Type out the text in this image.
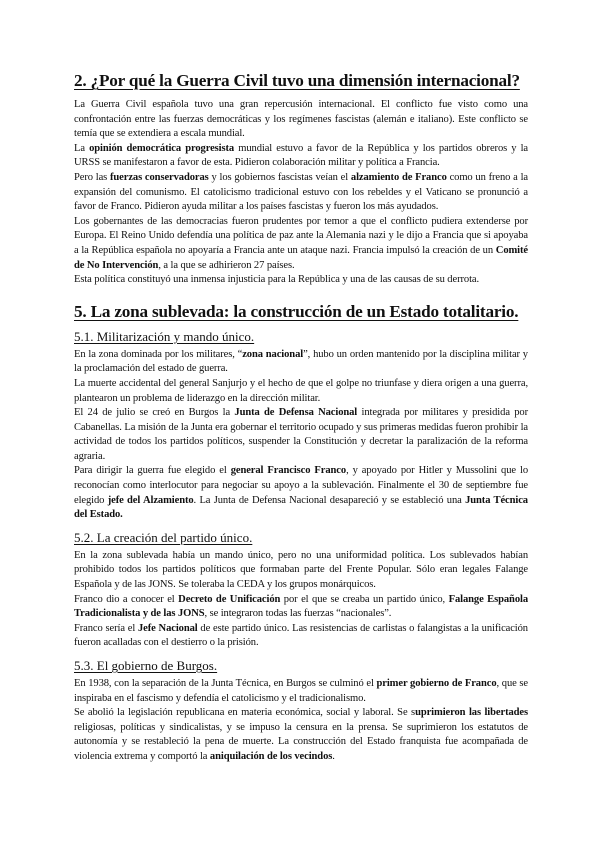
2. ¿Por qué la Guerra Civil tuvo una dimensión internacional?

La Guerra Civil española tuvo una gran repercusión internacional. El conflicto fue visto como una confrontación entre las fuerzas democráticas y los regímenes fascistas (alemán e italiano). Este conflicto se temía que se extendiera a escala mundial.

La opinión democrática progresista mundial estuvo a favor de la República y los partidos obreros y la URSS se manifestaron a favor de esta. Pidieron colaboración militar y política a Francia.

Pero las fuerzas conservadoras y los gobiernos fascistas veían el alzamiento de Franco como un freno a la expansión del comunismo. El catolicismo tradicional estuvo con los rebeldes y el Vaticano se pronunció a favor de Franco. Pidieron ayuda militar a los países fascistas y fueron los más ayudados.

Los gobernantes de las democracias fueron prudentes por temor a que el conflicto pudiera extenderse por Europa. El Reino Unido defendía una política de paz ante la Alemania nazi y le dijo a Francia que si apoyaba a la República española no apoyaría a Francia ante un ataque nazi. Francia impulsó la creación de un Comité de No Intervención, a la que se adhirieron 27 países.

Esta política constituyó una inmensa injusticia para la República y una de las causas de su derrota.

5. La zona sublevada: la construcción de un Estado totalitario.
5.1. Militarización y mando único.

En la zona dominada por los militares, “zona nacional”, hubo un orden mantenido por la disciplina militar y la proclamación del estado de guerra.

La muerte accidental del general Sanjurjo y el hecho de que el golpe no triunfase y diera origen a una guerra, plantearon un problema de liderazgo en la dirección militar.

El 24 de julio se creó en Burgos la Junta de Defensa Nacional integrada por militares y presidida por Cabanellas. La misión de la Junta era gobernar el territorio ocupado y sus primeras medidas fueron prohibir la actividad de todos los partidos políticos, suspender la Constitución y decretar la paralización de la reforma agraria.

Para dirigir la guerra fue elegido el general Francisco Franco, y apoyado por Hitler y Mussolini que lo reconocían como interlocutor para negociar su apoyo a la sublevación. Finalmente el 30 de septiembre fue elegido jefe del Alzamiento. La Junta de Defensa Nacional desapareció y se estableció una Junta Técnica del Estado.

5.2. La creación del partido único.

En la zona sublevada había un mando único, pero no una uniformidad política. Los sublevados habían prohibido todos los partidos políticos que formaban parte del Frente Popular. Sólo eran legales Falange Española y de las JONS. Se toleraba la CEDA y los grupos monárquicos.

Franco dio a conocer el Decreto de Unificación por el que se creaba un partido único, Falange Española Tradicionalista y de las JONS, se integraron todas las fuerzas “nacionales”.

Franco sería el Jefe Nacional de este partido único. Las resistencias de carlistas o falangistas a la unificación fueron acalladas con el destierro o la prisión.

5.3. El gobierno de Burgos.

En 1938, con la separación de la Junta Técnica, en Burgos se culminó el primer gobierno de Franco, que se inspiraba en el fascismo y defendía el catolicismo y el tradicionalismo.

Se abolió la legislación republicana en materia económica, social y laboral. Se suprimieron las libertades religiosas, políticas y sindicalistas, y se impuso la censura en la prensa. Se suprimieron los estatutos de autonomía y se restableció la pena de muerte. La construcción del Estado franquista fue acompañada de violencia extrema y comportó la aniquilación de los vecindos.
